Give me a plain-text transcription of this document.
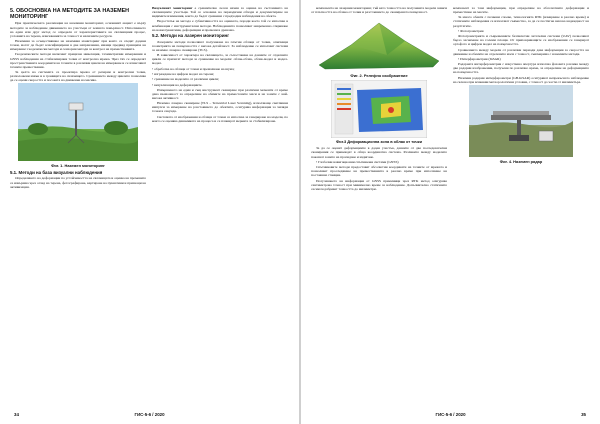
5. ОБОСНОВКА НА МЕТОДИТЕ ЗА НАЗЕМЕН МОНИТОРИНГ

При практическата реализация на наземния мониторинг, основният акцент е върху методите за наблюдение движението на участъци от земната повърхност. Използването на един или друг метод се определя от характеристиките на свлачищния процес, условията на терена, изискванията за точност и наличните ресурси.

Наземния за осъществяване на наземния мониторинг при които се следят дадени точки, могат да бъдат класифицирани в две направления, имащи предвид принципа на измерване: геодезически методи и сензорни методи за контрол на преместванията.

Геодезическите методи включват прецизна нивелация, тахиметрични измервания и GNSS наблюдения на стабилизирани точки от контролна мрежа. Чрез тях се определят пространствените координати на точките в различни цикли на измерване и се изчисляват техните премествания.

За целта на системата се проектира мрежа от реперни и контролни точки, разположени извън и в границите на свлачището. Сравнението между циклите позволява да се оцени скоростта и посоката на движение на масива.

Фиг. 1. Наземен мониторинг
5.1. Методи на база визуални наблюдения

Определянето на деформации по устойчивостта на свлачищата и оценка на промените се извършва чрез оглед на терена, фотографиране, картиране на пукнатини и признаци на активизация.

Визуалният мониторинг е сравнително лесен начин за оценка на състоянието на свлачищните участъци. Той се основава на периодични обходи и документиране на видимите изменения, които да бъдат сравнени с предходни наблюдения на обекта.

Недостатък на метода е субективността на оценката, поради което той се използва в комбинация с инструментални методи. Наблюденията позволяват навременно откриване на нови пукнатини, деформации и промени в дренажа.

5.2. Методи на лазерен мониторинг

Лазерните методи позволяват получаване на плътни облаци от точки, описващи геометрията на повърхността с висока детайлност. За наблюдение се използват системи за наземно лазерно сканиране (TLS).

В зависимост от характера на свлачището, за съпоставяне на данните от отделните цикли се прилагат методи за сравнение на модели: облак-облак, облак-модел и модел-модел.

• обработка на облаци от точки и премахване на шума;

• изграждане на цифров модел на терена;

• сравнение на моделите от различни цикли;

• визуализация на деформациите.

Извършеното на един и същ инструмент сканиране при различни моменти от време дава възможност за определяне на обемите на преместените маси и на зоните с най-висока активност.

Наземно лазерно сканиране (TLS – Terrestrial Laser Scanning), използващо светлинни импулси за измерване на разстоянието до обектите, осигурява информация за хиляди точки в секунда.

Системата от изображения и облаци от точки се използва за генериране на модели, по които се оценява динамиката на процеса и се планират мерките за стабилизиране.

34	ГИС-5-6 / 2020

компонента на лазерния мониторинг, тъй като точността на получените модели зависи от плътността на облака от точки и разстоянието до сканираната повърхност.

Фиг. 2. Релефно изображение
Фиг.3 Деформационна зона в облак от точки

За да се оценят деформациите в даден участък, данните от две последователни сканирания се привеждат в обща координатна система. Разликите между моделите показват зоните на пропадане и издигане.

• Глобални навигационни спътникови системи (GNSS)

Спътниковите методи предоставят абсолютни координати на точките от мрежата и позволяват проследяване на преместванията в реално време при използване на постоянни станции.

Получаването на информация от GNSS приемници чрез RTK метод осигурява сантиметрова точност при минимално време за наблюдение. Допълнително статичните сесии подобряват точността до милиметри.

компонент за тази информация, при определяне на абсолютните деформации и преместване на масите.

За много обекти с почвени слоеве, технологията RTK (измерване в реално време) и статичните наблюдения се използват съвместно, за да се постигне висока надеждност на резултатите.

• Фотограметрия

Фотограметрията и съвременните безпилотни летателни системи (UAV) позволяват бързо заснемане на големи площи. От припокриващите се изображения се генерират ортофото и цифров модел на повърхността.

Сравнението между модели от различни периоди дава информация за скоростта на движение и обемите на отделените маси с точност, съизмерима с наземните методи.

• Интерферометрия (InSAR)

Радарната интерферометрия с изкуствена апертура използва фазовата разлика между две радарни изображения, получени по различно време, за определяне на деформациите на повърхността.

Наземни радарни интерферометри (GB-InSAR) осигуряват непрекъснато наблюдение на склона при всякакви метеорологични условия, с точност до части от милиметъра.

Фиг. 4. Наземен радар
ГИС-5-6 / 2020	35
